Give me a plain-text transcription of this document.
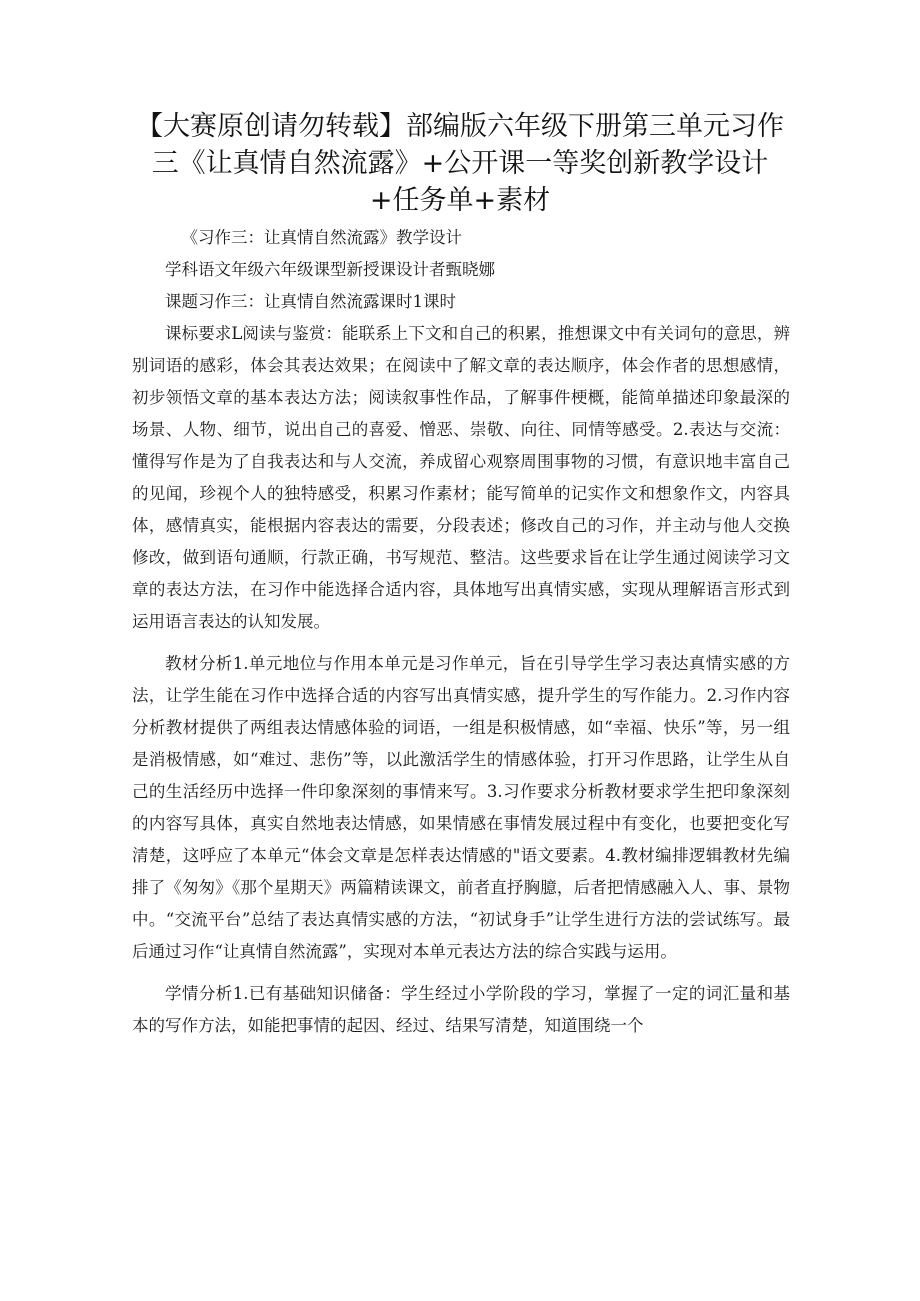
【大赛原创请勿转载】部编版六年级下册第三单元习作三《让真情自然流露》+公开课一等奖创新教学设计+任务单+素材

《习作三：让真情自然流露》教学设计

学科语文年级六年级课型新授课设计者甄晓娜

课题习作三：让真情自然流露课时1课时

课标要求L阅读与鉴赏：能联系上下文和自己的积累，推想课文中有关词句的意思，辨别词语的感彩，体会其表达效果；在阅读中了解文章的表达顺序，体会作者的思想感情，初步领悟文章的基本表达方法；阅读叙事性作品，了解事件梗概，能简单描述印象最深的场景、人物、细节，说出自己的喜爱、憎恶、崇敬、向往、同情等感受。2.表达与交流：懂得写作是为了自我表达和与人交流，养成留心观察周围事物的习惯，有意识地丰富自己的见闻，珍视个人的独特感受，积累习作素材；能写简单的记实作文和想象作文，内容具体，感情真实，能根据内容表达的需要，分段表述；修改自己的习作，并主动与他人交换修改，做到语句通顺，行款正确，书写规范、整洁。这些要求旨在让学生通过阅读学习文章的表达方法，在习作中能选择合适内容，具体地写出真情实感，实现从理解语言形式到运用语言表达的认知发展。

教材分析1.单元地位与作用本单元是习作单元，旨在引导学生学习表达真情实感的方法，让学生能在习作中选择合适的内容写出真情实感，提升学生的写作能力。2.习作内容分析教材提供了两组表达情感体验的词语，一组是积极情感，如“幸福、快乐”等，另一组是消极情感，如“难过、悲伤”等，以此激活学生的情感体验，打开习作思路，让学生从自己的生活经历中选择一件印象深刻的事情来写。3.习作要求分析教材要求学生把印象深刻的内容写具体，真实自然地表达情感，如果情感在事情发展过程中有变化，也要把变化写清楚，这呼应了本单元“体会文章是怎样表达情感的"语文要素。4.教材编排逻辑教材先编排了《匆匆》《那个星期天》两篇精读课文，前者直抒胸臆，后者把情感融入人、事、景物中。“交流平台”总结了表达真情实感的方法，“初试身手”让学生进行方法的尝试练写。最后通过习作“让真情自然流露”，实现对本单元表达方法的综合实践与运用。

学情分析1.已有基础知识储备：学生经过小学阶段的学习，掌握了一定的词汇量和基本的写作方法，如能把事情的起因、经过、结果写清楚，知道围绕一个
